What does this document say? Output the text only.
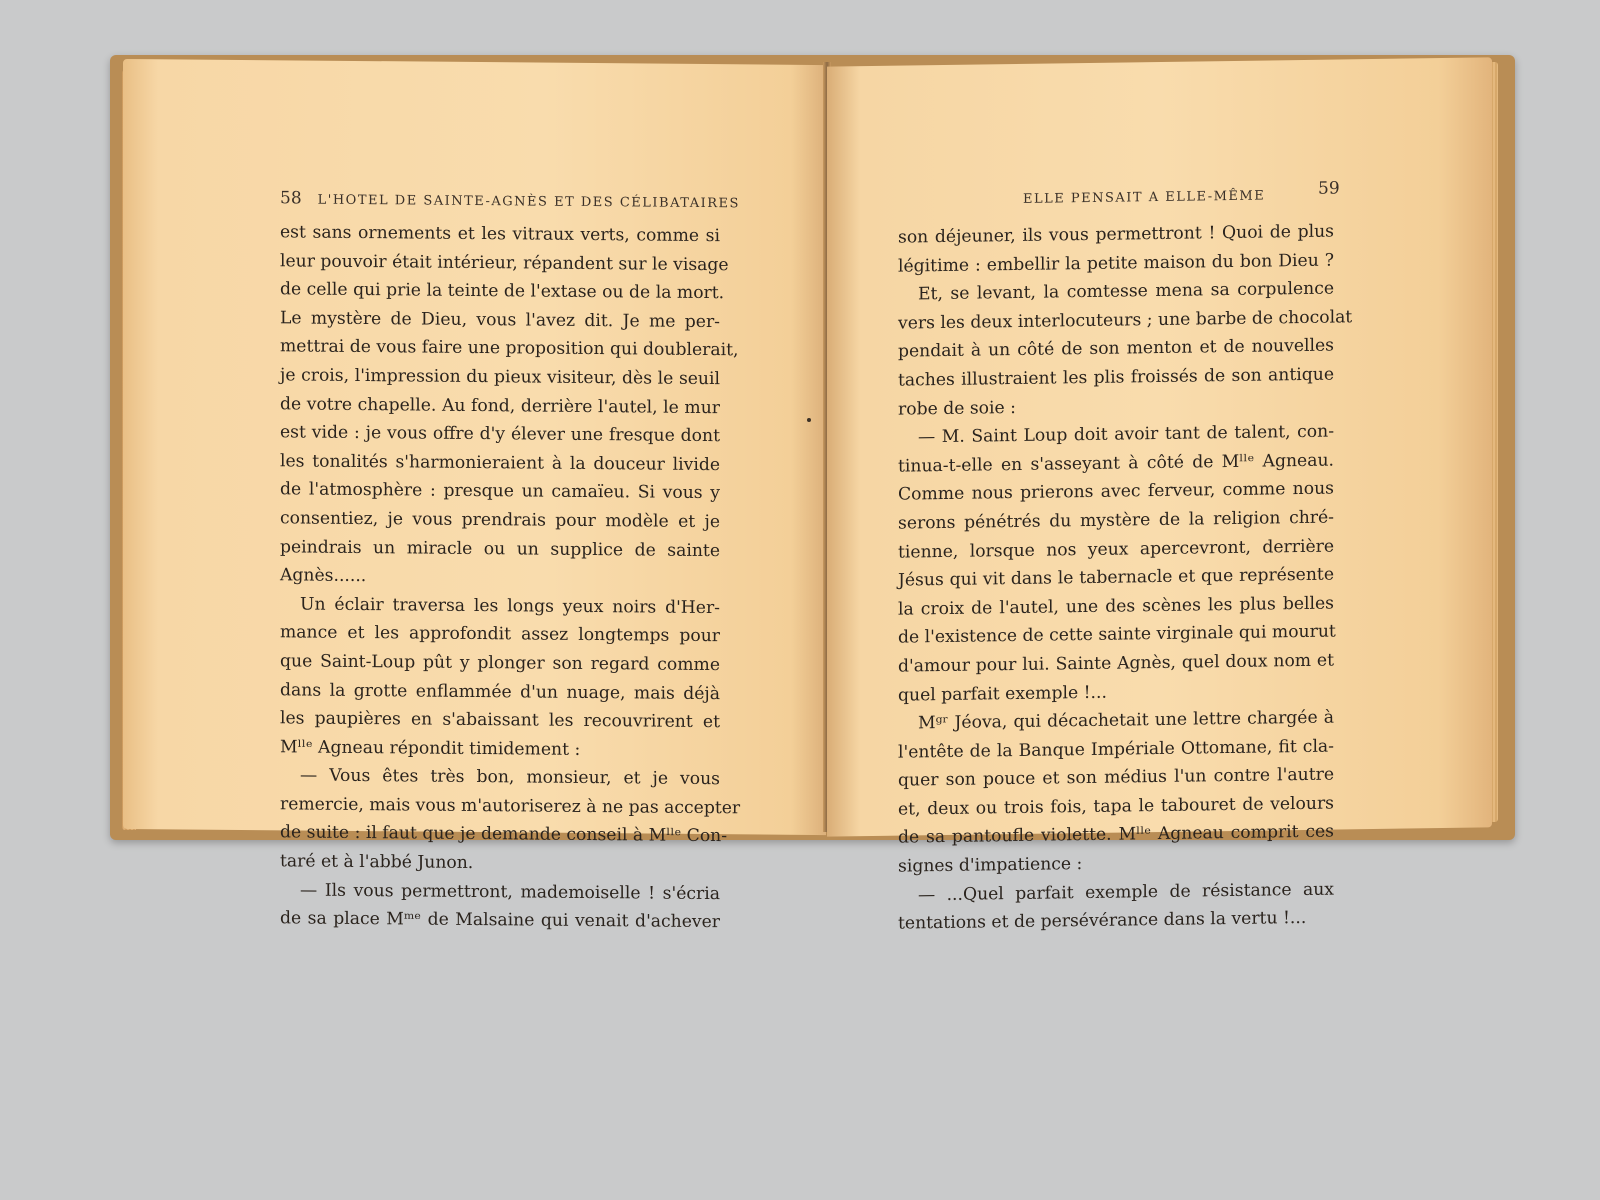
58 L'HOTEL DE SAINTE-AGNÈS ET DES CÉLIBATAIRES
est sans ornements et les vitraux verts, comme si
leur pouvoir était intérieur, répandent sur le visage
de celle qui prie la teinte de l'extase ou de la mort.
Le mystère de Dieu, vous l'avez dit. Je me per-
mettrai de vous faire une proposition qui doublerait,
je crois, l'impression du pieux visiteur, dès le seuil
de votre chapelle. Au fond, derrière l'autel, le mur
est vide : je vous offre d'y élever une fresque dont
les tonalités s'harmonieraient à la douceur livide
de l'atmosphère : presque un camaïeu. Si vous y
consentiez, je vous prendrais pour modèle et je
peindrais un miracle ou un supplice de sainte
Agnès......
Un éclair traversa les longs yeux noirs d'Her-
mance et les approfondit assez longtemps pour
que Saint-Loup pût y plonger son regard comme
dans la grotte enflammée d'un nuage, mais déjà
les paupières en s'abaissant les recouvrirent et
Mˡˡᵉ Agneau répondit timidement :
— Vous êtes très bon, monsieur, et je vous
remercie, mais vous m'autoriserez à ne pas accepter
de suite : il faut que je demande conseil à Mˡˡᵉ Con-
taré et à l'abbé Junon.
— Ils vous permettront, mademoiselle ! s'écria
de sa place Mᵐᵉ de Malsaine qui venait d'achever
ELLE PENSAIT A ELLE-MÊME	59
son déjeuner, ils vous permettront ! Quoi de plus
légitime : embellir la petite maison du bon Dieu ?
Et, se levant, la comtesse mena sa corpulence
vers les deux interlocuteurs ; une barbe de chocolat
pendait à un côté de son menton et de nouvelles
taches illustraient les plis froissés de son antique
robe de soie :
— M. Saint Loup doit avoir tant de talent, con-
tinua-t-elle en s'asseyant à côté de Mˡˡᵉ Agneau.
Comme nous prierons avec ferveur, comme nous
serons pénétrés du mystère de la religion chré-
tienne, lorsque nos yeux apercevront, derrière
Jésus qui vit dans le tabernacle et que représente
la croix de l'autel, une des scènes les plus belles
de l'existence de cette sainte virginale qui mourut
d'amour pour lui. Sainte Agnès, quel doux nom et
quel parfait exemple !...
Mᵍʳ Jéova, qui décachetait une lettre chargée à
l'entête de la Banque Impériale Ottomane, fit cla-
quer son pouce et son médius l'un contre l'autre
et, deux ou trois fois, tapa le tabouret de velours
de sa pantoufle violette. Mˡˡᵉ Agneau comprit ces
signes d'impatience :
— ...Quel parfait exemple de résistance aux
tentations et de persévérance dans la vertu !...
